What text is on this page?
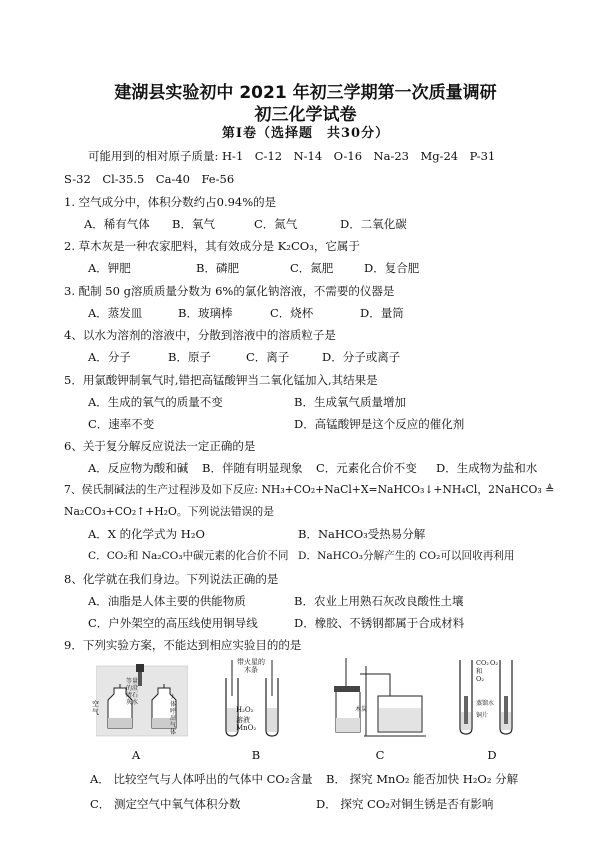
建湖县实验初中 2021 年初三学期第一次质量调研
初三化学试卷
第Ⅰ卷（选择题　共30分）
可能用到的相对原子质量: H-1　C-12　N-14　O-16　Na-23　Mg-24　P-31
S-32　Cl-35.5　Ca-40　Fe-56
1. 空气成分中，体积分数约占0.94%的是
A．稀有气体 B．氧气	C．氮气	D．二氧化碳
2. 草木灰是一种农家肥料，其有效成分是 K₂CO₃，它属于
A．钾肥	B．磷肥	C．氮肥	D．复合肥
3. 配制 50 g溶质质量分数为 6%的氯化钠溶液，不需要的仪器是
A．蒸发皿	B．玻璃棒	C．烧杯	D．量筒
4、以水为溶剂的溶液中，分散到溶液中的溶质粒子是
A．分子	B．原子	C．离子	D．分子或离子
5．用氯酸钾制氧气时,错把高锰酸钾当二氧化锰加入,其结果是
A．生成的氧气的质量不变	B．生成氧气质量增加
C．速率不变	D．高锰酸钾是这个反应的催化剂
6、关于复分解反应说法一定正确的是
A．反应物为酸和碱 B．伴随有明显现象 C．元素化合价不变 D．生成物为盐和水
7、侯氏制碱法的生产过程涉及如下反应: NH₃+CO₂+NaCl+X=NaHCO₃↓+NH₄Cl，2NaHCO₃ ≜
Na₂CO₃+CO₂↑+H₂O。下列说法错误的是
A．X 的化学式为 H₂O	B．NaHCO₃受热易分解
C．CO₂和 Na₂CO₃中碳元素的化合价不同 D．NaHCO₃分解产生的 CO₂可以回收再利用
8、化学就在我们身边。下列说法正确的是
A．油脂是人体主要的供能物质	B．农业上用熟石灰改良酸性土壤
C．户外架空的高压线使用铜导线	D．橡胶、不锈钢都属于合成材料
9．下列实验方案，不能达到相应实验目的的是
空气
等量的澄清石灰水
人体呼出气体
带火星的木条
H₂O₂
溶液
MnO₂
木炭
CO₂
和
O₂
O₂
蒸馏水
铜片
A	B	C	D
A． 比较空气与人体呼出的气体中 CO₂含量 B． 探究 MnO₂ 能否加快 H₂O₂ 分解
C． 测定空气中氧气体积分数	D． 探究 CO₂对铜生锈是否有影响
